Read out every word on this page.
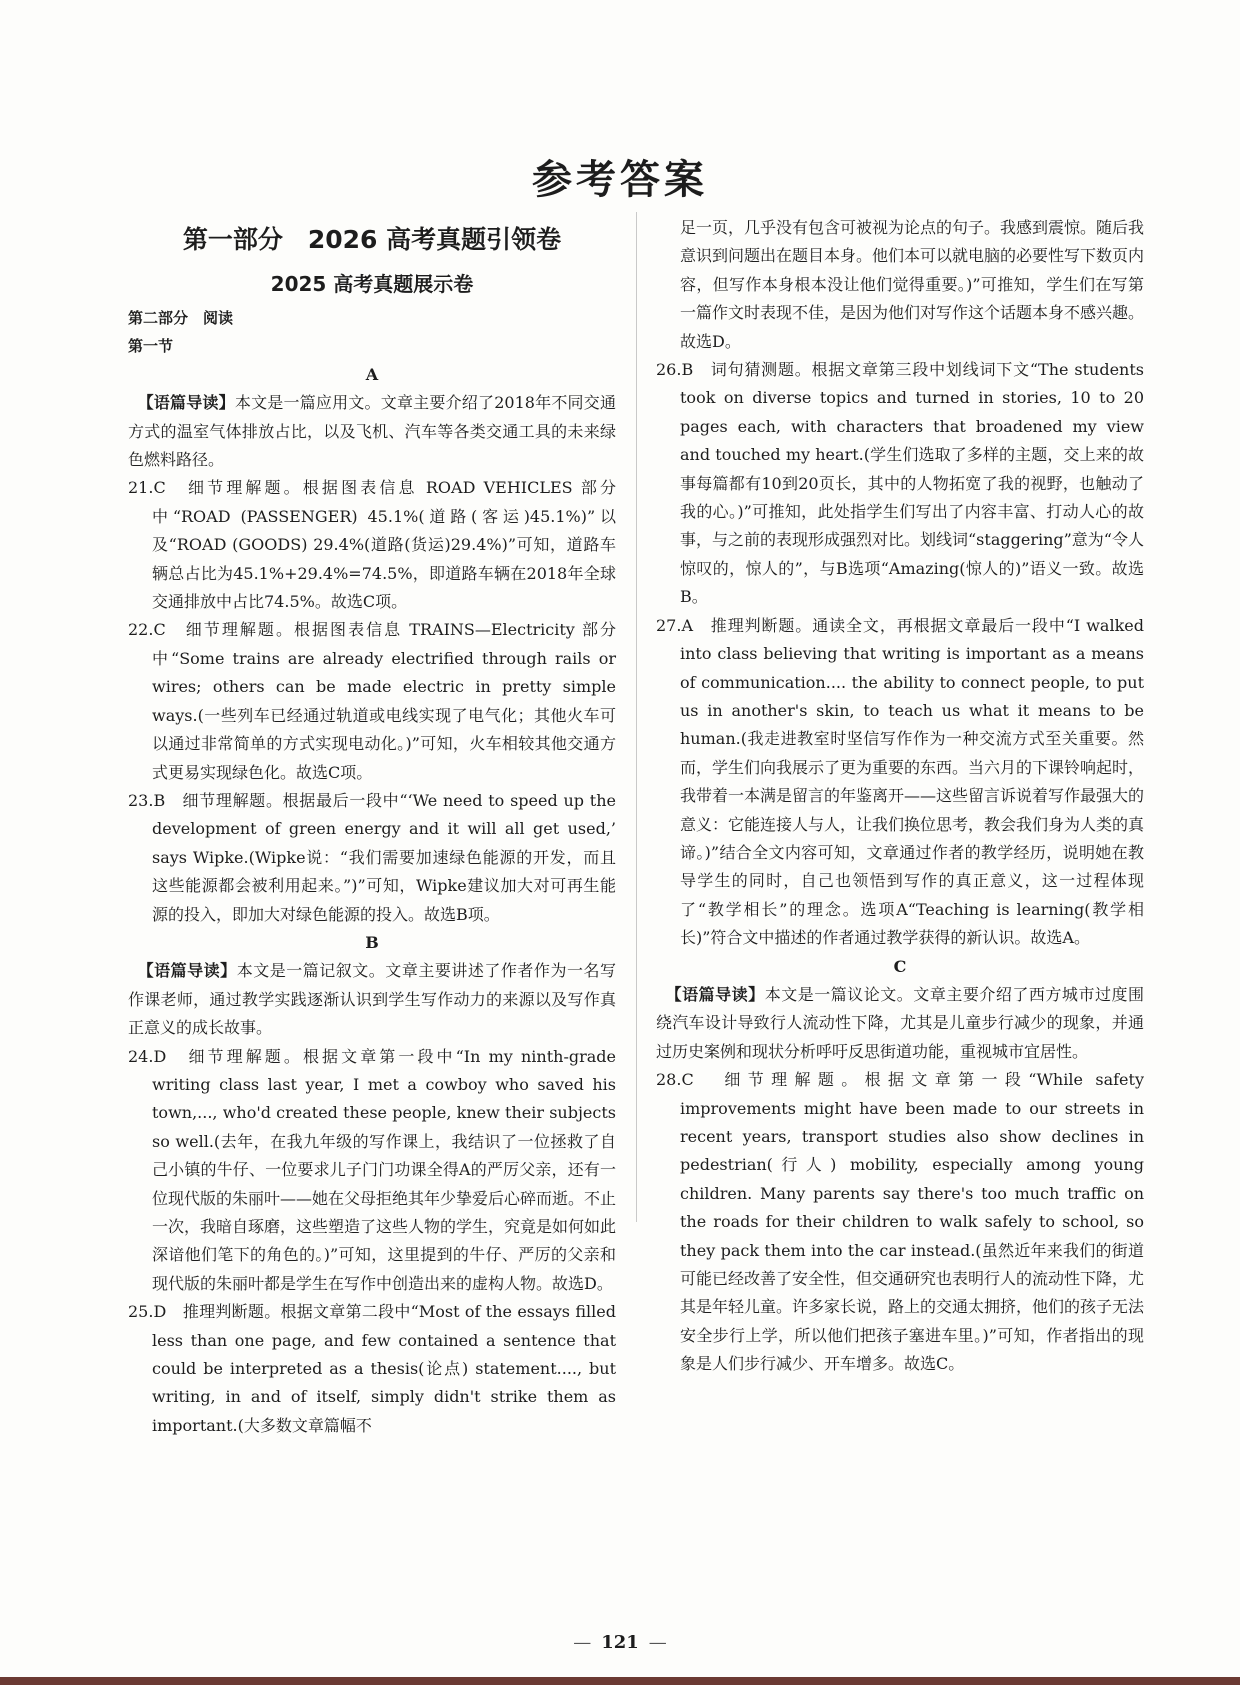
参考答案
第一部分　2026 高考真题引领卷
2025 高考真题展示卷
第二部分　阅读
第一节
A

【语篇导读】本文是一篇应用文。文章主要介绍了2018年不同交通方式的温室气体排放占比，以及飞机、汽车等各类交通工具的未来绿色燃料路径。

21.C　细节理解题。根据图表信息 ROAD VEHICLES 部分中“ROAD (PASSENGER) 45.1%(道路(客运)45.1%)”以及“ROAD (GOODS) 29.4%(道路(货运)29.4%)”可知，道路车辆总占比为45.1%+29.4%=74.5%，即道路车辆在2018年全球交通排放中占比74.5%。故选C项。

22.C　细节理解题。根据图表信息 TRAINS—Electricity 部分中“Some trains are already electrified through rails or wires; others can be made electric in pretty simple ways.(一些列车已经通过轨道或电线实现了电气化；其他火车可以通过非常简单的方式实现电动化。)”可知，火车相较其他交通方式更易实现绿色化。故选C项。

23.B　细节理解题。根据最后一段中“‘We need to speed up the development of green energy and it will all get used,’ says Wipke.(Wipke说：“我们需要加速绿色能源的开发，而且这些能源都会被利用起来。”)”可知，Wipke建议加大对可再生能源的投入，即加大对绿色能源的投入。故选B项。

B

【语篇导读】本文是一篇记叙文。文章主要讲述了作者作为一名写作课老师，通过教学实践逐渐认识到学生写作动力的来源以及写作真正意义的成长故事。

24.D　细节理解题。根据文章第一段中“In my ninth-grade writing class last year, I met a cowboy who saved his town,..., who'd created these people, knew their subjects so well.(去年，在我九年级的写作课上，我结识了一位拯救了自己小镇的牛仔、一位要求儿子门门功课全得A的严厉父亲，还有一位现代版的朱丽叶——她在父母拒绝其年少挚爱后心碎而逝。不止一次，我暗自琢磨，这些塑造了这些人物的学生，究竟是如何如此深谙他们笔下的角色的。)”可知，这里提到的牛仔、严厉的父亲和现代版的朱丽叶都是学生在写作中创造出来的虚构人物。故选D。

25.D　推理判断题。根据文章第二段中“Most of the essays filled less than one page, and few contained a sentence that could be interpreted as a thesis(论点) statement...., but writing, in and of itself, simply didn't strike them as important.(大多数文章篇幅不

足一页，几乎没有包含可被视为论点的句子。我感到震惊。随后我意识到问题出在题目本身。他们本可以就电脑的必要性写下数页内容，但写作本身根本没让他们觉得重要。)”可推知，学生们在写第一篇作文时表现不佳，是因为他们对写作这个话题本身不感兴趣。故选D。

26.B　词句猜测题。根据文章第三段中划线词下文“The students took on diverse topics and turned in stories, 10 to 20 pages each, with characters that broadened my view and touched my heart.(学生们选取了多样的主题，交上来的故事每篇都有10到20页长，其中的人物拓宽了我的视野，也触动了我的心。)”可推知，此处指学生们写出了内容丰富、打动人心的故事，与之前的表现形成强烈对比。划线词“staggering”意为“令人惊叹的，惊人的”，与B选项“Amazing(惊人的)”语义一致。故选B。

27.A　推理判断题。通读全文，再根据文章最后一段中“I walked into class believing that writing is important as a means of communication.... the ability to connect people, to put us in another's skin, to teach us what it means to be human.(我走进教室时坚信写作作为一种交流方式至关重要。然而，学生们向我展示了更为重要的东西。当六月的下课铃响起时，我带着一本满是留言的年鉴离开——这些留言诉说着写作最强大的意义：它能连接人与人，让我们换位思考，教会我们身为人类的真谛。)”结合全文内容可知，文章通过作者的教学经历，说明她在教导学生的同时，自己也领悟到写作的真正意义，这一过程体现了“教学相长”的理念。选项A“Teaching is learning(教学相长)”符合文中描述的作者通过教学获得的新认识。故选A。

C

【语篇导读】本文是一篇议论文。文章主要介绍了西方城市过度围绕汽车设计导致行人流动性下降，尤其是儿童步行减少的现象，并通过历史案例和现状分析呼吁反思街道功能，重视城市宜居性。

28.C　细节理解题。根据文章第一段“While safety improvements might have been made to our streets in recent years, transport studies also show declines in pedestrian(行人) mobility, especially among young children. Many parents say there's too much traffic on the roads for their children to walk safely to school, so they pack them into the car instead.(虽然近年来我们的街道可能已经改善了安全性，但交通研究也表明行人的流动性下降，尤其是年轻儿童。许多家长说，路上的交通太拥挤，他们的孩子无法安全步行上学，所以他们把孩子塞进车里。)”可知，作者指出的现象是人们步行减少、开车增多。故选C。

— 121 —
